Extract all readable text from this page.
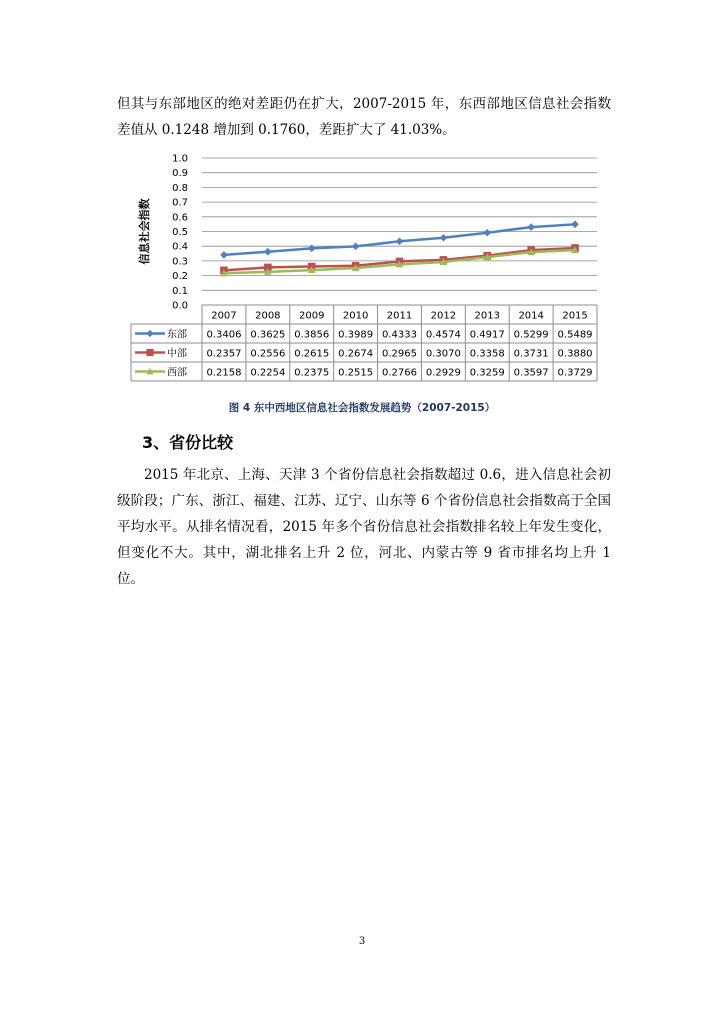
但其与东部地区的绝对差距仍在扩大，2007-2015 年，东西部地区信息社会指数差值从 0.1248 增加到 0.1760，差距扩大了 41.03%。
0.0
0.1
0.2
0.3
0.4
0.5
0.6
0.7
0.8
0.9
1.0
信息社会指数
2007 2008 2009 2010 2011 2012 2013 2014 2015
东部 0.3406 0.3625 0.3856 0.3989 0.4333 0.4574 0.4917 0.5299 0.5489
中部 0.2357 0.2556 0.2615 0.2674 0.2965 0.3070 0.3358 0.3731 0.3880
西部 0.2158 0.2254 0.2375 0.2515 0.2766 0.2929 0.3259 0.3597 0.3729
图 4 东中西地区信息社会指数发展趋势（2007-2015）
3、省份比较
2015 年北京、上海、天津 3 个省份信息社会指数超过 0.6，进入信息社会初级阶段；广东、浙江、福建、江苏、辽宁、山东等 6 个省份信息社会指数高于全国平均水平。从排名情况看，2015 年多个省份信息社会指数排名较上年发生变化，但变化不大。其中，湖北排名上升 2 位，河北、内蒙古等 9 省市排名均上升 1 位。
3
